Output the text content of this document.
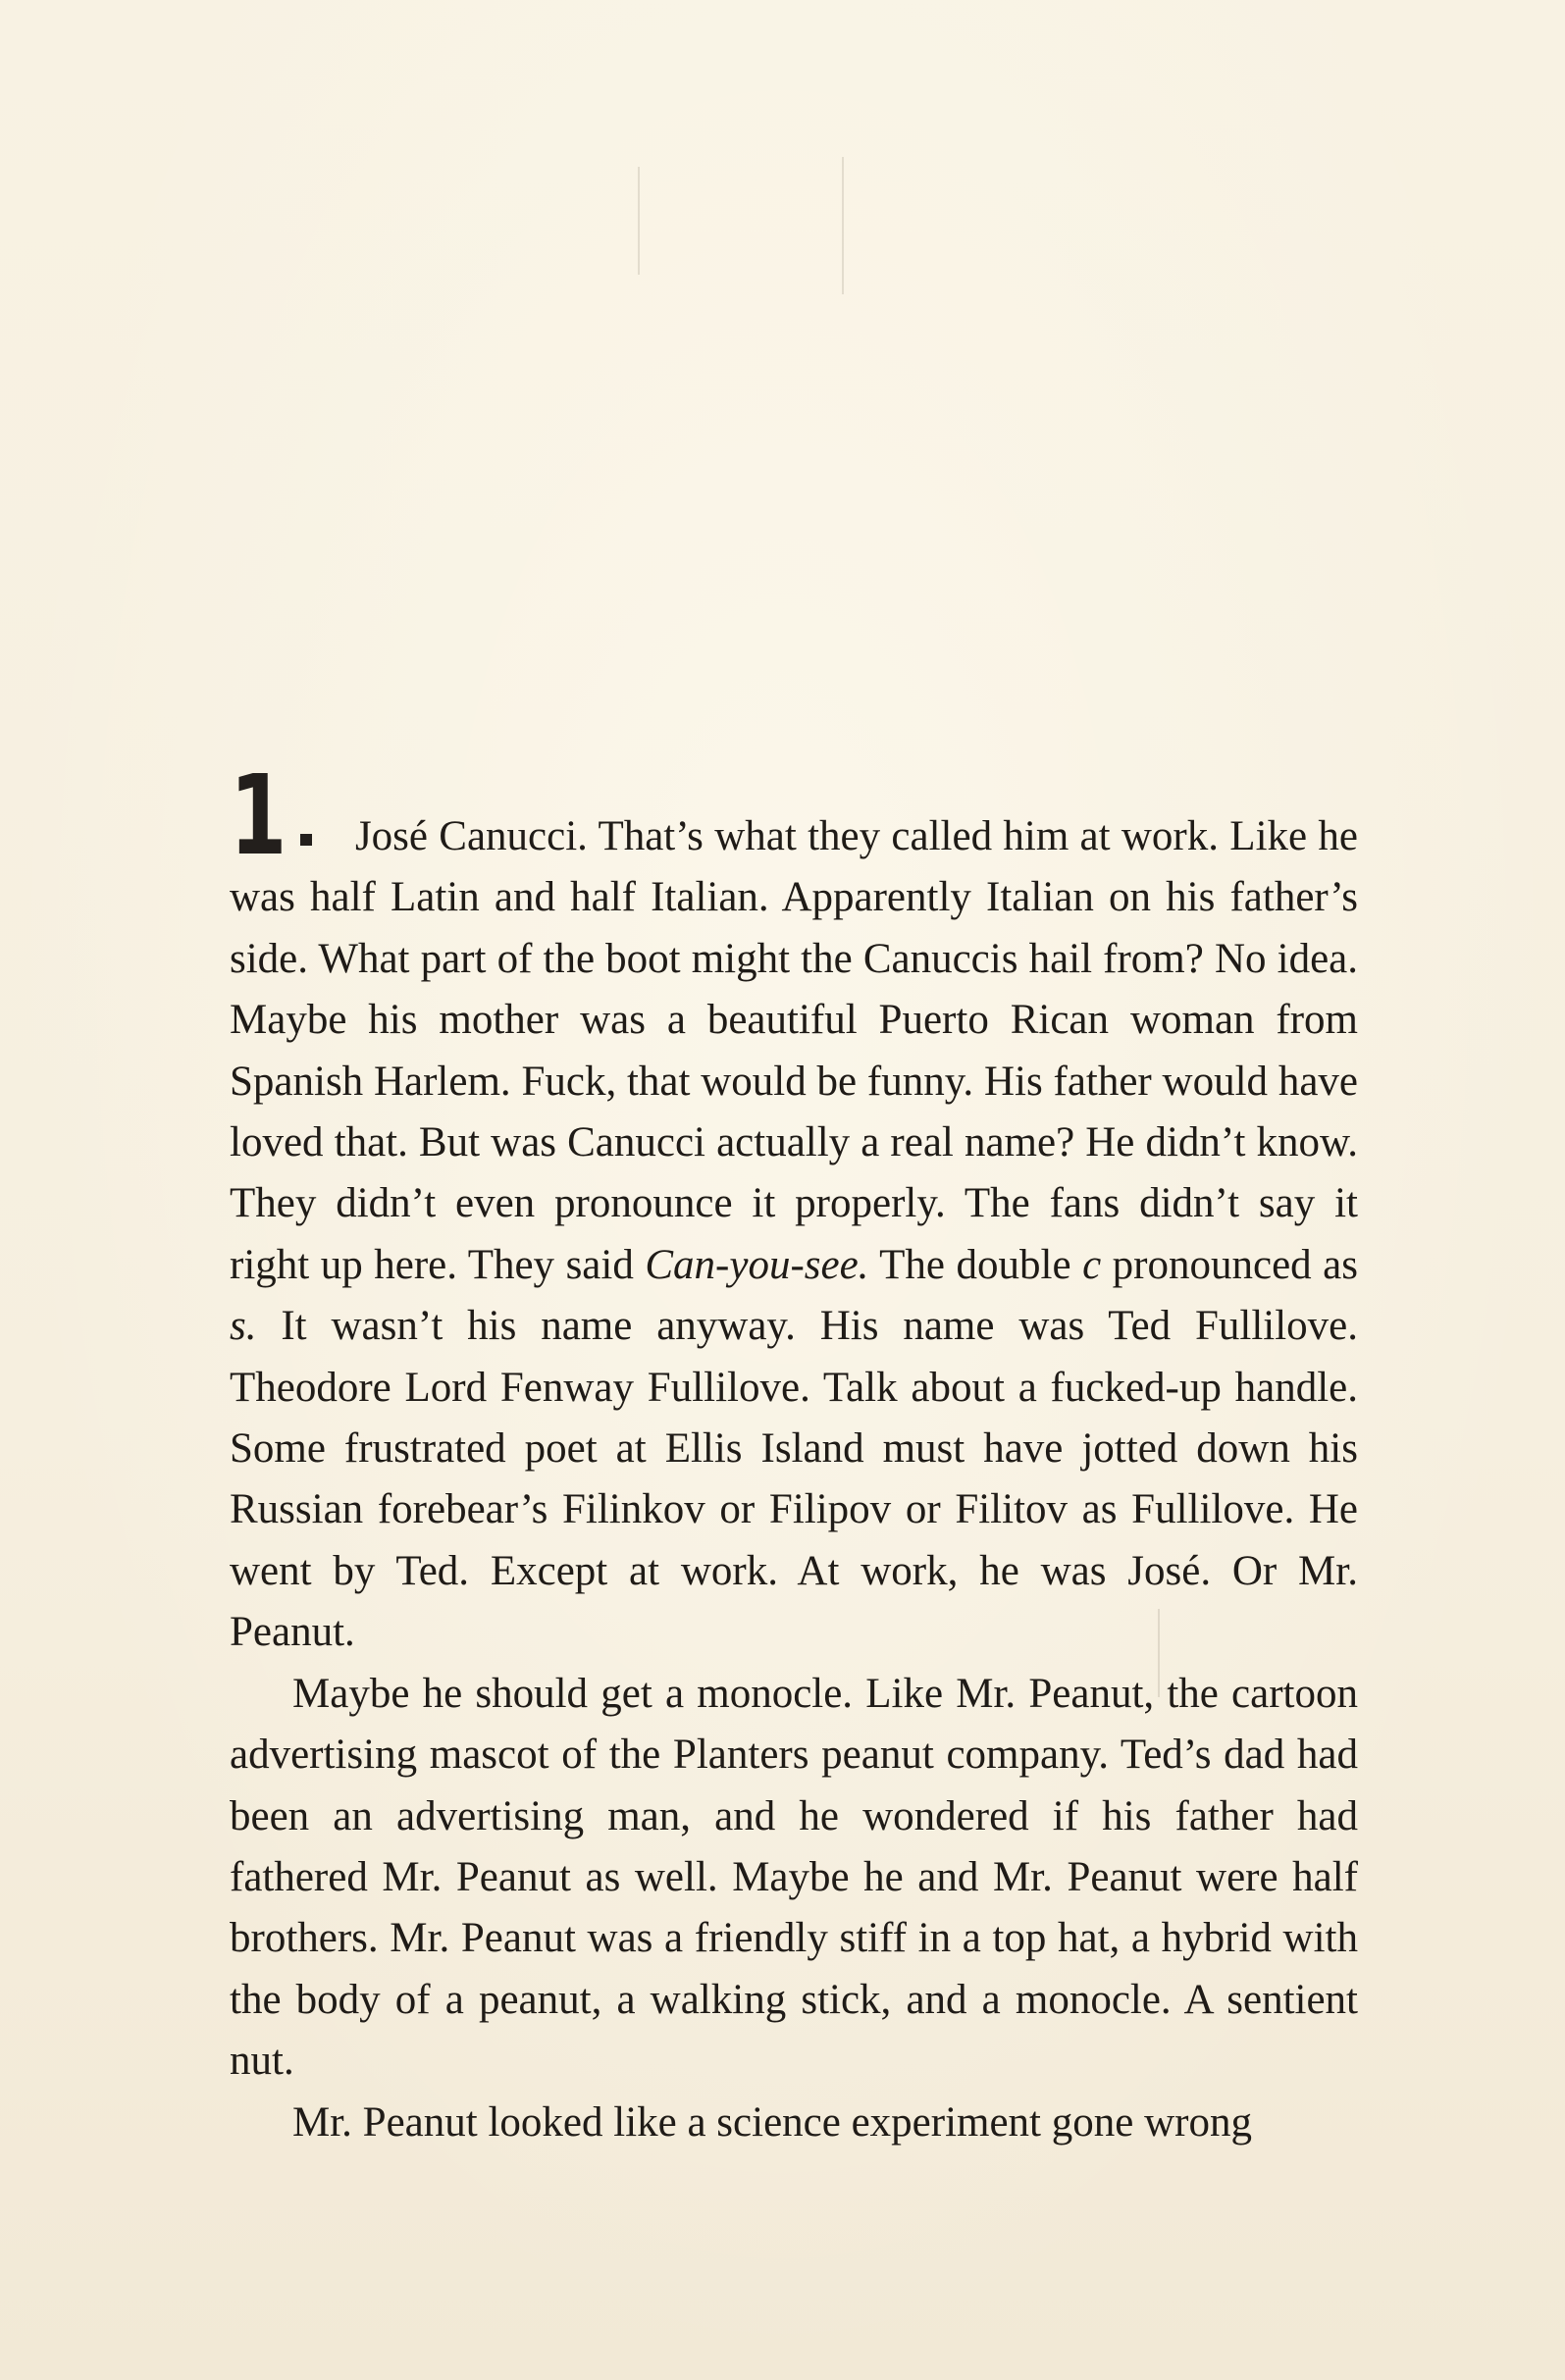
1 José Canucci. That’s what they called him at work. Like he was half Latin and half Italian. Apparently Italian on his father’s side. What part of the boot might the Canuccis hail from? No idea. Maybe his mother was a beautiful Puerto Rican woman from Spanish Harlem. Fuck, that would be funny. His father would have loved that. But was Canucci actually a real name? He didn’t know. They didn’t even pronounce it properly. The fans didn’t say it right up here. They said Can-you-see. The double c pronounced as s. It wasn’t his name anyway. His name was Ted Fullilove. Theodore Lord Fenway Fullilove. Talk about a fucked-up handle. Some frustrated poet at Ellis Island must have jotted down his Russian forebear’s Filinkov or Filipov or Filitov as Fullilove. He went by Ted. Except at work. At work, he was José. Or Mr. Peanut.

Maybe he should get a monocle. Like Mr. Peanut, the cartoon advertising mascot of the Planters peanut company. Ted’s dad had been an advertising man, and he wondered if his father had fathered Mr. Peanut as well. Maybe he and Mr. Peanut were half brothers. Mr. Peanut was a friendly stiff in a top hat, a hybrid with the body of a peanut, a walking stick, and a monocle. A sentient nut.

Mr. Peanut looked like a science experiment gone wrong
